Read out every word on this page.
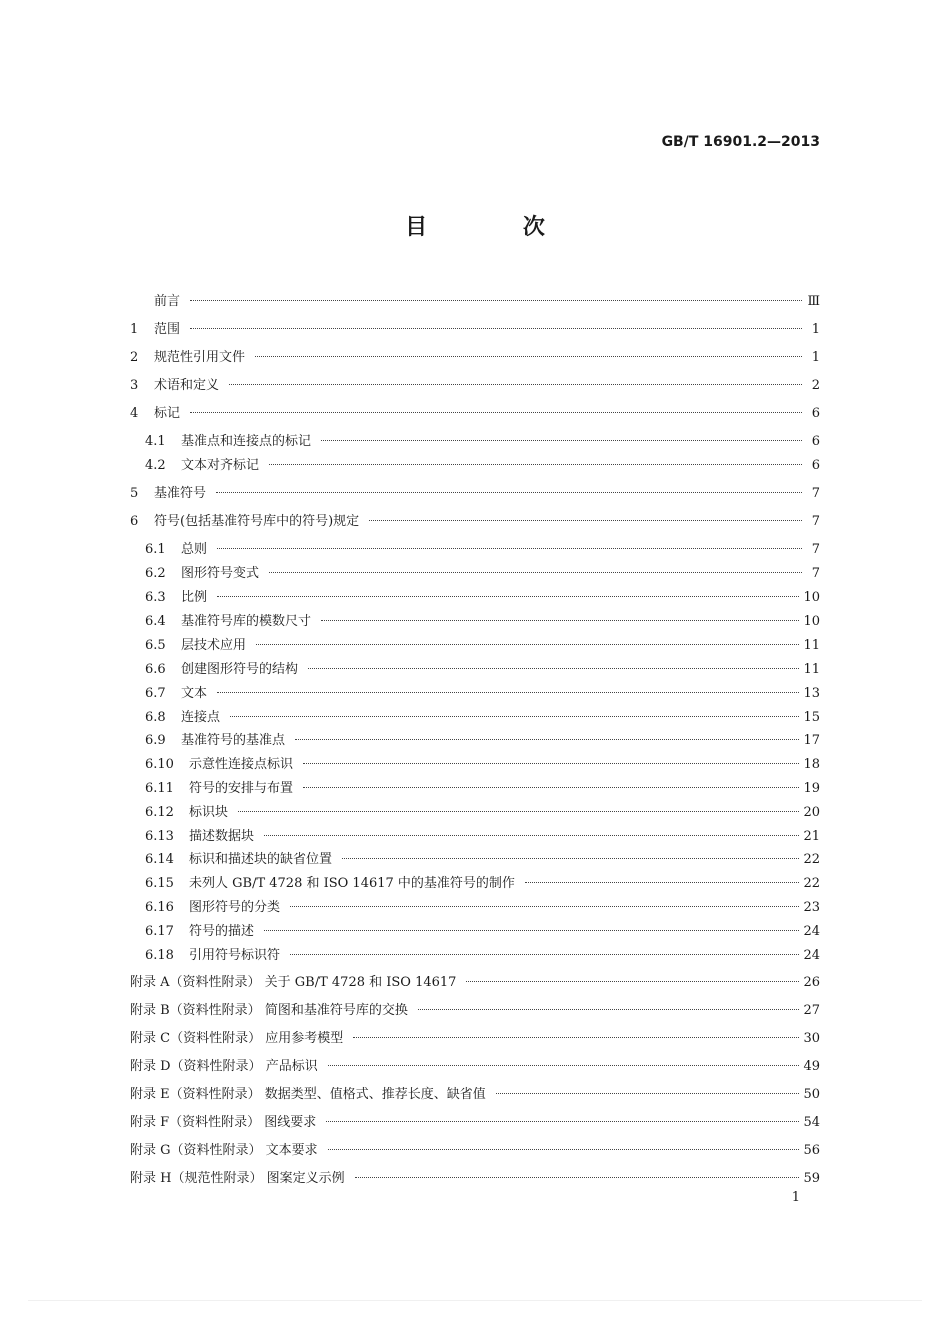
GB/T 16901.2—2013
目 次
前言	Ⅲ
1	范围	1
2	规范性引用文件	1
3	术语和定义	2
4	标记	6
4.1	基准点和连接点的标记	6
4.2	文本对齐标记	6
5	基准符号	7
6	符号(包括基准符号库中的符号)规定	7
6.1	总则	7
6.2	图形符号变式	7
6.3	比例	10
6.4	基准符号库的模数尺寸	10
6.5	层技术应用	11
6.6	创建图形符号的结构	11
6.7	文本	13
6.8	连接点	15
6.9	基准符号的基准点	17
6.10	示意性连接点标识	18
6.11	符号的安排与布置	19
6.12	标识块	20
6.13	描述数据块	21
6.14	标识和描述块的缺省位置	22
6.15	未列人 GB/T 4728 和 ISO 14617 中的基准符号的制作	22
6.16	图形符号的分类	23
6.17	符号的描述	24
6.18	引用符号标识符	24
附录 A（资料性附录） 关于 GB/T 4728 和 ISO 14617	26
附录 B（资料性附录） 简图和基准符号库的交换	27
附录 C（资料性附录） 应用参考模型	30
附录 D（资料性附录） 产品标识	49
附录 E（资料性附录） 数据类型、值格式、推荐长度、缺省值	50
附录 F（资料性附录） 图线要求	54
附录 G（资料性附录） 文本要求	56
附录 H（规范性附录） 图案定义示例	59
1
